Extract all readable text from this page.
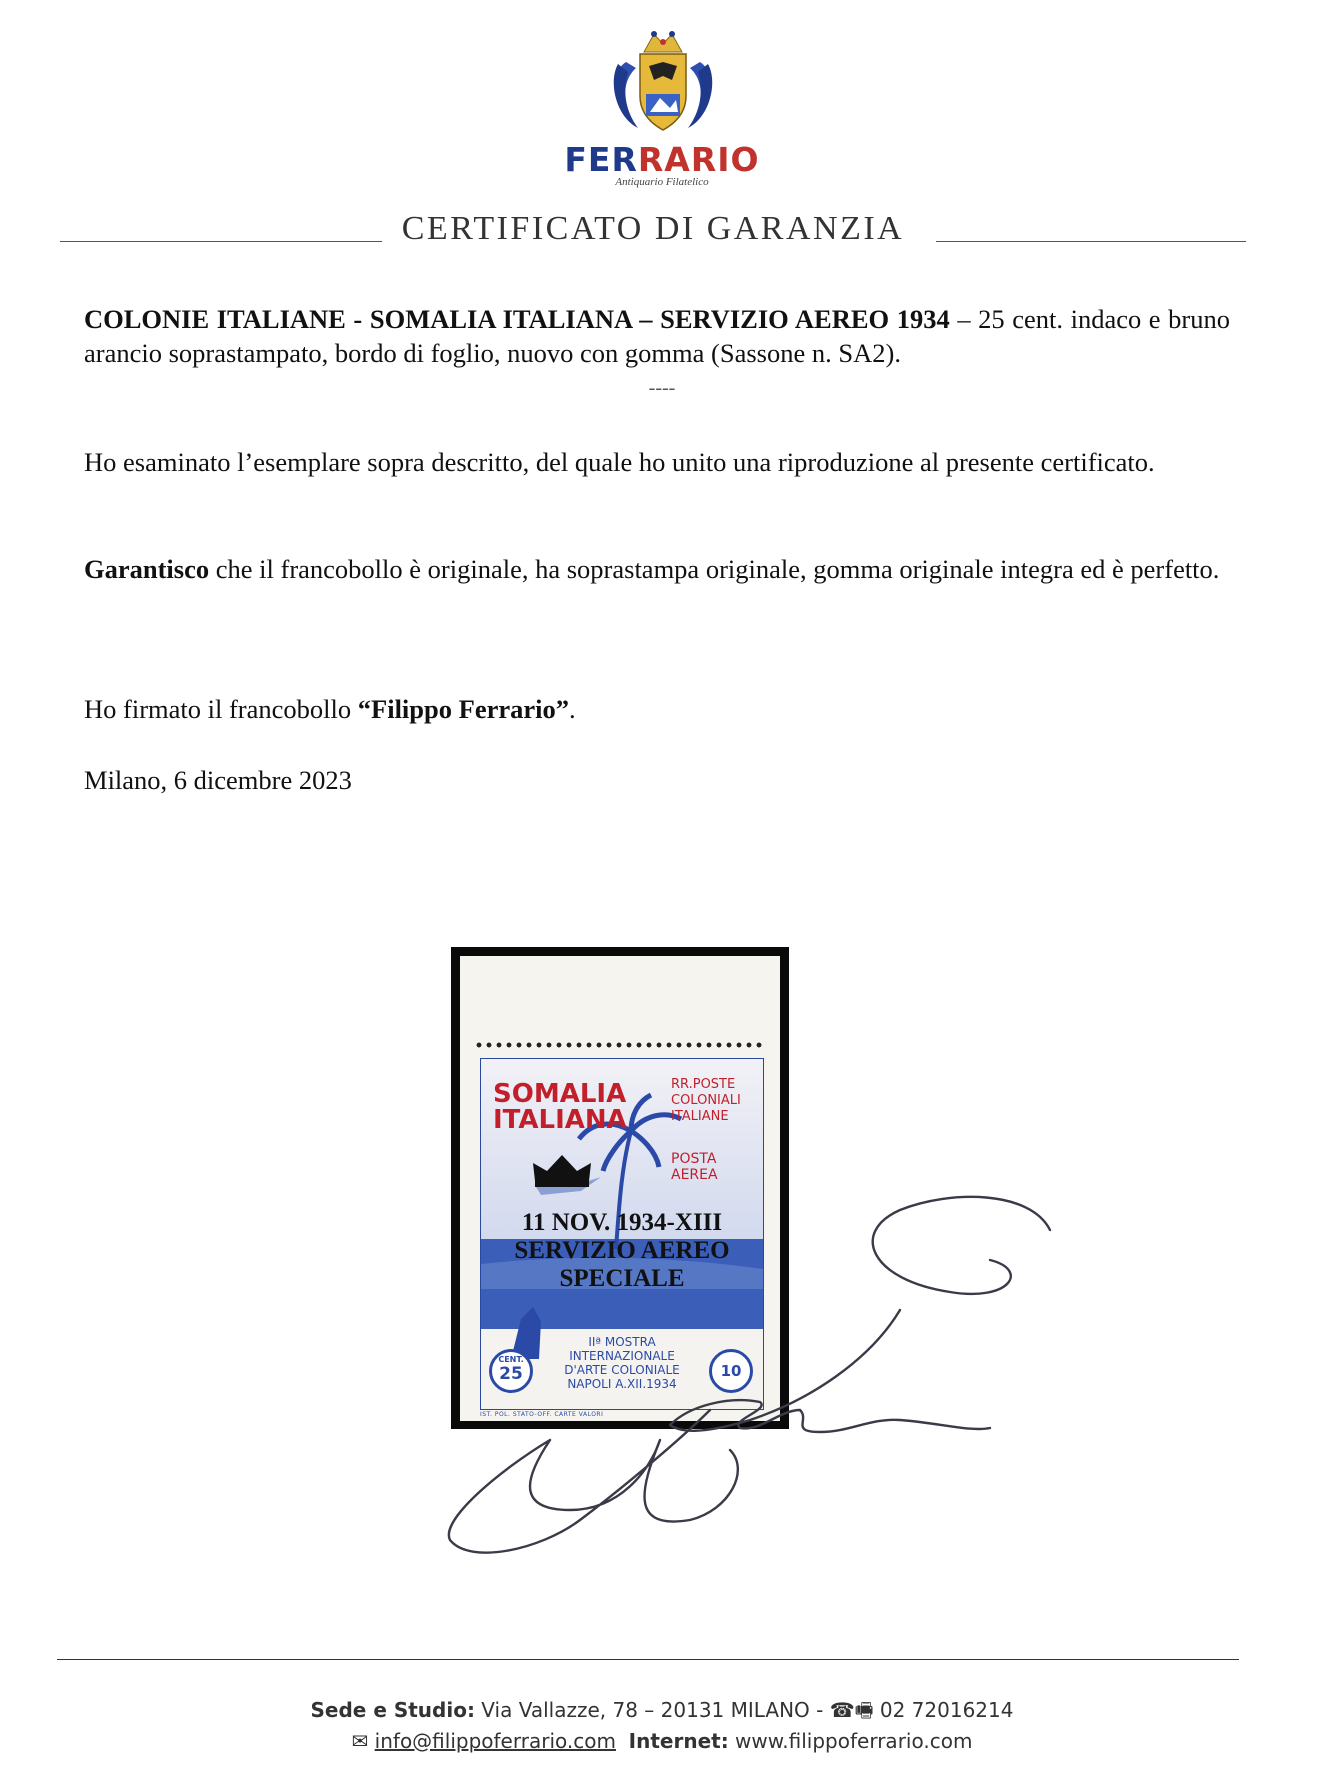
FERRARIO
Antiquario Filatelico
CERTIFICATO DI GARANZIA
COLONIE ITALIANE - SOMALIA ITALIANA – SERVIZIO AEREO 1934 – 25 cent. indaco e bruno arancio soprastampato, bordo di foglio, nuovo con gomma (Sassone n. SA2).
----
Ho esaminato l’esemplare sopra descritto, del quale ho unito una riproduzione al presente certificato.
Garantisco che il francobollo è originale, ha soprastampa originale, gomma originale integra ed è perfetto.
Ho firmato il francobollo “Filippo Ferrario”.
Milano, 6 dicembre 2023
SOMALIA
ITALIANA
RR.POSTE
COLONIALI
ITALIANE
POSTA
AEREA
11 NOV. 1934-XIII
SERVIZIO AEREO
SPECIALE
IIª MOSTRA
INTERNAZIONALE
D'ARTE COLONIALE
NAPOLI A.XII.1934
CENT.
25	10
IST. POL. STATO-OFF. CARTE VALORI
Sede e Studio: Via Vallazze, 78 – 20131 MILANO - ☎🖷 02 72016214
✉ info@filippoferrario.com Internet: www.filippoferrario.com
